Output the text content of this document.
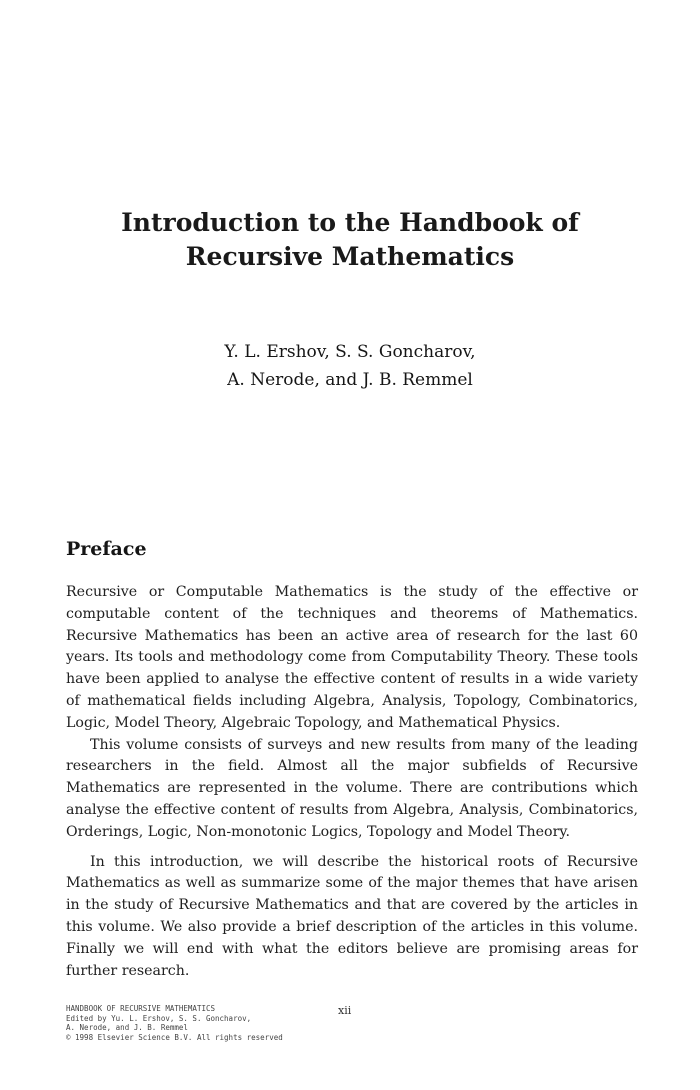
Introduction to the Handbook of
Recursive Mathematics
Y. L. Ershov, S. S. Goncharov,
A. Nerode, and J. B. Remmel
Preface

Recursive or Computable Mathematics is the study of the effective or computable content of the techniques and theorems of Mathematics. Recursive Mathematics has been an active area of research for the last 60 years. Its tools and methodology come from Computability Theory. These tools have been applied to analyse the effective content of results in a wide variety of mathematical fields including Algebra, Analysis, Topology, Combinatorics, Logic, Model Theory, Algebraic Topology, and Mathematical Physics.

This volume consists of surveys and new results from many of the leading researchers in the field. Almost all the major subfields of Recursive Mathematics are represented in the volume. There are contributions which analyse the effective content of results from Algebra, Analysis, Combinatorics, Orderings, Logic, Non-monotonic Logics, Topology and Model Theory.

In this introduction, we will describe the historical roots of Recursive Mathematics as well as summarize some of the major themes that have arisen in the study of Recursive Mathematics and that are covered by the articles in this volume. We also provide a brief description of the articles in this volume. Finally we will end with what the editors believe are promising areas for further research.

HANDBOOK OF RECURSIVE MATHEMATICS
Edited by Yu. L. Ershov, S. S. Goncharov,
A. Nerode, and J. B. Remmel
© 1998 Elsevier Science B.V. All rights reserved
xii
